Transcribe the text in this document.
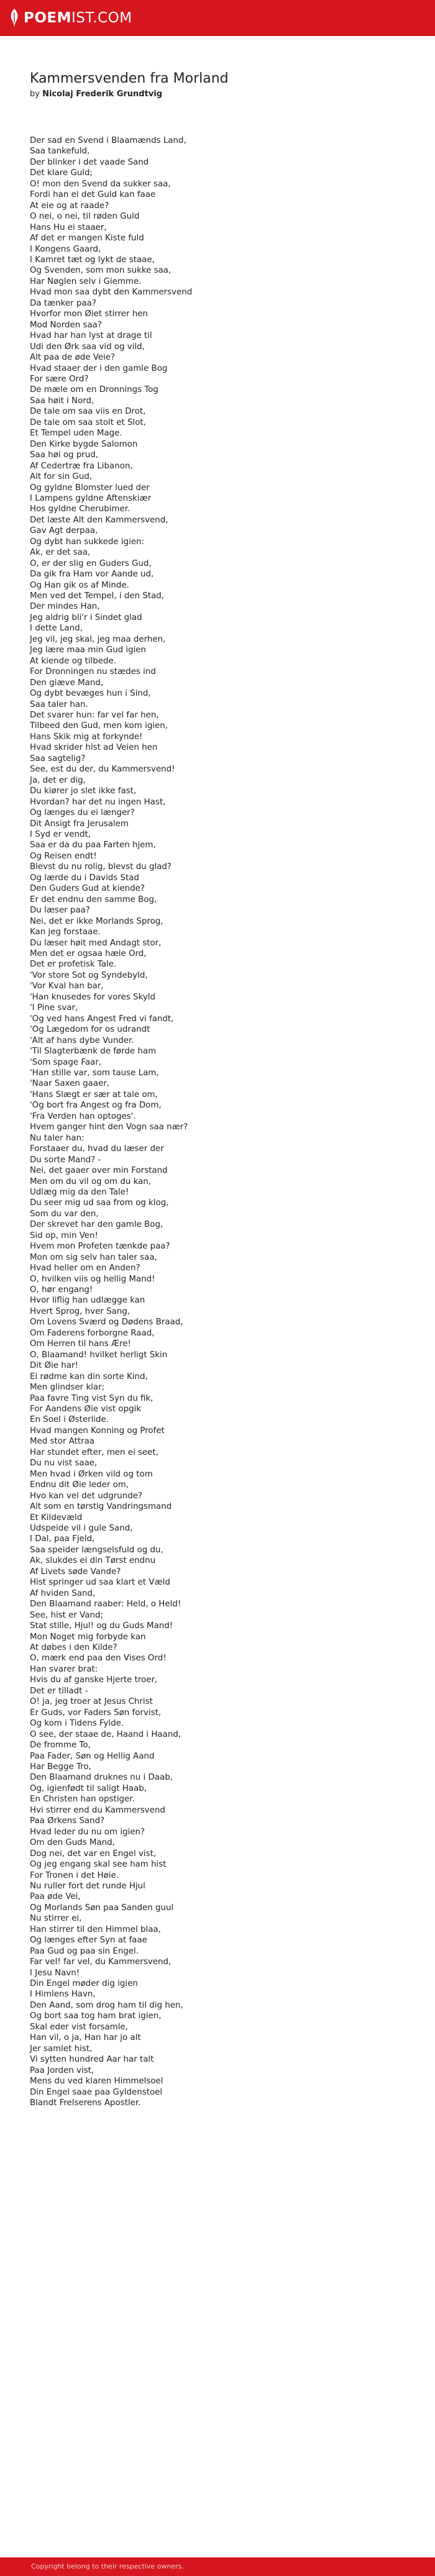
POEMIST.COM
Kammersvenden fra Morland
by Nicolaj Frederik Grundtvig
Der sad en Svend i Blaamænds Land,
Saa tankefuld,
Der blinker i det vaade Sand
Det klare Guld;
O! mon den Svend da sukker saa,
Fordi han ei det Guld kan faae
At eie og at raade?
O nei, o nei, til røden Guld
Hans Hu ei staaer,
Af det er mangen Kiste fuld
I Kongens Gaard,
I Kamret tæt og lykt de staae,
Og Svenden, som mon sukke saa,
Har Nøglen selv i Giemme.
Hvad mon saa dybt den Kammersvend
Da tænker paa?
Hvorfor mon Øiet stirrer hen
Mod Norden saa?
Hvad har han lyst at drage til
Udi den Ørk saa vid og vild,
Alt paa de øde Veie?
Hvad staaer der i den gamle Bog
For sære Ord?
De mæle om en Dronnings Tog
Saa høit i Nord,
De tale om saa viis en Drot,
De tale om saa stolt et Slot,
Et Tempel uden Mage.
Den Kirke bygde Salomon
Saa høi og prud,
Af Cedertræ fra Libanon,
Alt for sin Gud,
Og gyldne Blomster lued der
I Lampens gyldne Aftenskiær
Hos gyldne Cherubimer.
Det læste Alt den Kammersvend,
Gav Agt derpaa,
Og dybt han sukkede igien:
Ak, er det saa,
O, er der slig en Guders Gud,
Da gik fra Ham vor Aande ud,
Og Han gik os af Minde.
Men ved det Tempel, i den Stad,
Der mindes Han,
Jeg aldrig bli'r i Sindet glad
I dette Land,
Jeg vil, jeg skal, jeg maa derhen,
Jeg lære maa min Gud igien
At kiende og tilbede.
For Dronningen nu stædes ind
Den giæve Mand,
Og dybt bevæges hun i Sind,
Saa taler han.
Det svarer hun: far vel far hen,
Tilbeed den Gud, men kom igien,
Hans Skik mig at forkynde!
Hvad skrider hist ad Veien hen
Saa sagtelig?
See, est du der, du Kammersvend!
Ja, det er dig,
Du kiører jo slet ikke fast,
Hvordan? har det nu ingen Hast,
Og længes du ei længer?
Dit Ansigt fra Jerusalem
I Syd er vendt,
Saa er da du paa Farten hjem,
Og Reisen endt!
Blevst du nu rolig, blevst du glad?
Og lærde du i Davids Stad
Den Guders Gud at kiende?
Er det endnu den samme Bog,
Du læser paa?
Nei, det er ikke Morlands Sprog,
Kan jeg forstaae.
Du læser høit med Andagt stor,
Men det er ogsaa hæie Ord,
Det er profetisk Tale.
'Vor store Sot og Syndebyld,
'Vor Kval han bar,
'Han knusedes for vores Skyld
'I Pine svar,
'Og ved hans Angest Fred vi fandt,
'Og Lægedom for os udrandt
'Alt af hans dybe Vunder.
'Til Slagterbænk de førde ham
'Som spage Faar,
'Han stille var, som tause Lam,
'Naar Saxen gaaer,
'Hans Slægt er sær at tale om,
'Og bort fra Angest og fra Dom,
'Fra Verden han optoges'.
Hvem ganger hint den Vogn saa nær?
Nu taler han:
Forstaaer du, hvad du læser der
Du sorte Mand? -
Nei, det gaaer over min Forstand
Men om du vil og om du kan,
Udlæg mig da den Tale!
Du seer mig ud saa from og klog,
Som du var den,
Der skrevet har den gamle Bog,
Sid op, min Ven!
Hvem mon Profeten tænkde paa?
Mon om sig selv han taler saa,
Hvad heller om en Anden?
O, hvilken viis og hellig Mand!
O, hør engang!
Hvor liflig han udlægge kan
Hvert Sprog, hver Sang,
Om Lovens Sværd og Dødens Braad,
Om Faderens forborgne Raad,
Om Herren til hans Ære!
O, Blaamand! hvilket herligt Skin
Dit Øie har!
Ei rødme kan din sorte Kind,
Men glindser klar;
Paa favre Ting vist Syn du fik,
For Aandens Øie vist opgik
En Soel i Østerlide.
Hvad mangen Konning og Profet
Med stor Attraa
Har stundet efter, men ei seet,
Du nu vist saae,
Men hvad i Ørken vild og tom
Endnu dit Øie leder om,
Hvo kan vel det udgrunde?
Alt som en tørstig Vandringsmand
Et Kildevæld
Udspeide vil i gule Sand,
I Dal, paa Fjeld,
Saa speider længselsfuld og du,
Ak, slukdes ei din Tørst endnu
Af Livets søde Vande?
Hist springer ud saa klart et Væld
Af hviden Sand,
Den Blaamand raaber: Held, o Held!
See, hist er Vand;
Stat stille, Hjul! og du Guds Mand!
Mon Noget mig forbyde kan
At døbes i den Kilde?
O, mærk end paa den Vises Ord!
Han svarer brat:
Hvis du af ganske Hjerte troer,
Det er tilladt -
O! ja, jeg troer at Jesus Christ
Er Guds, vor Faders Søn forvist,
Og kom i Tidens Fylde.
O see, der staae de, Haand i Haand,
De fromme To,
Paa Fader, Søn og Hellig Aand
Har Begge Tro,
Den Blaamand druknes nu i Daab,
Og, igienfødt til saligt Haab,
En Christen han opstiger.
Hvi stirrer end du Kammersvend
Paa Ørkens Sand?
Hvad leder du nu om igien?
Om den Guds Mand,
Dog nei, det var en Engel vist,
Og jeg engang skal see ham hist
For Tronen i det Høie.
Nu ruller fort det runde Hjul
Paa øde Vei,
Og Morlands Søn paa Sanden guul
Nu stirrer ei,
Han stirrer til den Himmel blaa,
Og længes efter Syn at faae
Paa Gud og paa sin Engel.
Far vel! far vel, du Kammersvend,
I Jesu Navn!
Din Engel møder dig igien
I Himlens Havn,
Den Aand, som drog ham til dig hen,
Og bort saa tog ham brat igien,
Skal eder vist forsamle,
Han vil, o ja, Han har jo alt
Jer samlet hist,
Vi sytten hundred Aar har talt
Paa Jorden vist,
Mens du ved klaren Himmelsoel
Din Engel saae paa Gyldenstoel
Blandt Frelserens Apostler.
Copyright belong to their respective owners.
